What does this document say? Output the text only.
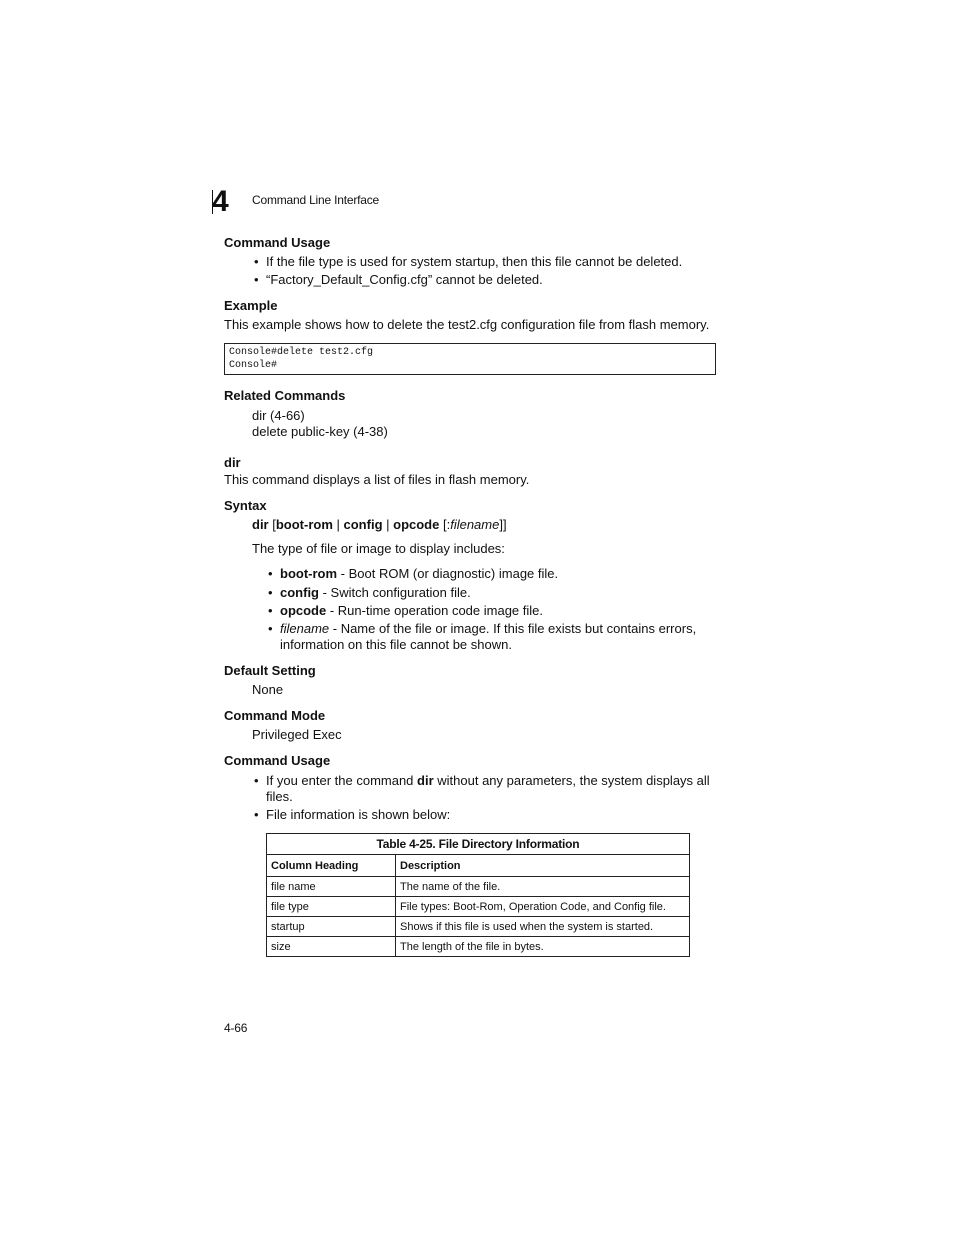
4 Command Line Interface
Command Usage
• If the file type is used for system startup, then this file cannot be deleted.
• “Factory_Default_Config.cfg” cannot be deleted.
Example
This example shows how to delete the test2.cfg configuration file from flash memory.
Console#delete test2.cfg
Console#
Related Commands
dir (4-66)
delete public-key (4-38)
dir
This command displays a list of files in flash memory.
Syntax
dir [boot-rom | config | opcode [:filename]]
The type of file or image to display includes:
• boot-rom - Boot ROM (or diagnostic) image file.
• config - Switch configuration file.
• opcode - Run-time operation code image file.
• filename - Name of the file or image. If this file exists but contains errors,
information on this file cannot be shown.
Default Setting
None
Command Mode
Privileged Exec
Command Usage
• If you enter the command dir without any parameters, the system displays all
files.
• File information is shown below:
Table 4-25. File Directory Information	
Column Heading	Description
file name	The name of the file.
file type	File types: Boot-Rom, Operation Code, and Config file.
startup	Shows if this file is used when the system is started.
size	The length of the file in bytes.
4-66
